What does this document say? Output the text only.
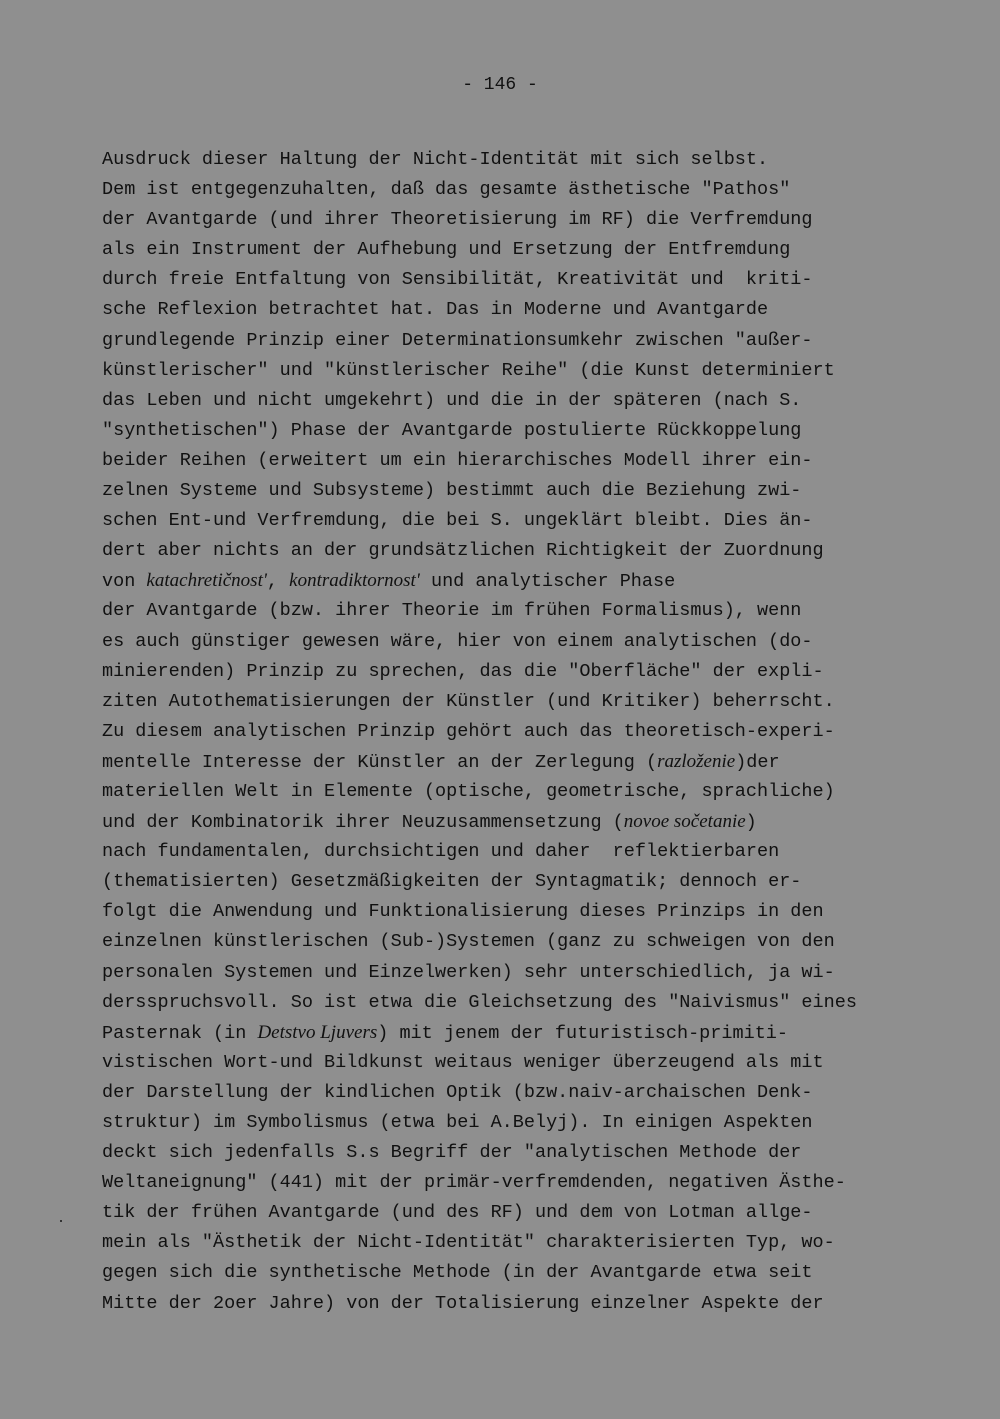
- 146 -
Ausdruck dieser Haltung der Nicht-Identität mit sich selbst.
Dem ist entgegenzuhalten, daß das gesamte ästhetische "Pathos"
der Avantgarde (und ihrer Theoretisierung im RF) die Verfremdung
als ein Instrument der Aufhebung und Ersetzung der Entfremdung
durch freie Entfaltung von Sensibilität, Kreativität und  kriti-
sche Reflexion betrachtet hat. Das in Moderne und Avantgarde
grundlegende Prinzip einer Determinationsumkehr zwischen "außer-
künstlerischer" und "künstlerischer Reihe" (die Kunst determiniert
das Leben und nicht umgekehrt) und die in der späteren (nach S.
"synthetischen") Phase der Avantgarde postulierte Rückkoppelung
beider Reihen (erweitert um ein hierarchisches Modell ihrer ein-
zelnen Systeme und Subsysteme) bestimmt auch die Beziehung zwi-
schen Ent-und Verfremdung, die bei S. ungeklärt bleibt. Dies än-
dert aber nichts an der grundsätzlichen Richtigkeit der Zuordnung
von katachretičnost', kontradiktornost' und analytischer Phase
der Avantgarde (bzw. ihrer Theorie im frühen Formalismus), wenn
es auch günstiger gewesen wäre, hier von einem analytischen (do-
minierenden) Prinzip zu sprechen, das die "Oberfläche" der expli-
ziten Autothematisierungen der Künstler (und Kritiker) beherrscht.
Zu diesem analytischen Prinzip gehört auch das theoretisch-experi-
mentelle Interesse der Künstler an der Zerlegung (razloženie)der
materiellen Welt in Elemente (optische, geometrische, sprachliche)
und der Kombinatorik ihrer Neuzusammensetzung (novoe sočetanie)
nach fundamentalen, durchsichtigen und daher  reflektierbaren
(thematisierten) Gesetzmäßigkeiten der Syntagmatik; dennoch er-
folgt die Anwendung und Funktionalisierung dieses Prinzips in den
einzelnen künstlerischen (Sub-)Systemen (ganz zu schweigen von den
personalen Systemen und Einzelwerken) sehr unterschiedlich, ja wi-
dersspruchsvoll. So ist etwa die Gleichsetzung des "Naivismus" eines
Pasternak (in Detstvo Ljuvers) mit jenem der futuristisch-primiti-
vistischen Wort-und Bildkunst weitaus weniger überzeugend als mit
der Darstellung der kindlichen Optik (bzw.naiv-archaischen Denk-
struktur) im Symbolismus (etwa bei A.Belyj). In einigen Aspekten
deckt sich jedenfalls S.s Begriff der "analytischen Methode der
Weltaneignung" (441) mit der primär-verfremdenden, negativen Ästhe-
tik der frühen Avantgarde (und des RF) und dem von Lotman allge-
mein als "Ästhetik der Nicht-Identität" charakterisierten Typ, wo-
gegen sich die synthetische Methode (in der Avantgarde etwa seit
Mitte der 2oer Jahre) von der Totalisierung einzelner Aspekte der
